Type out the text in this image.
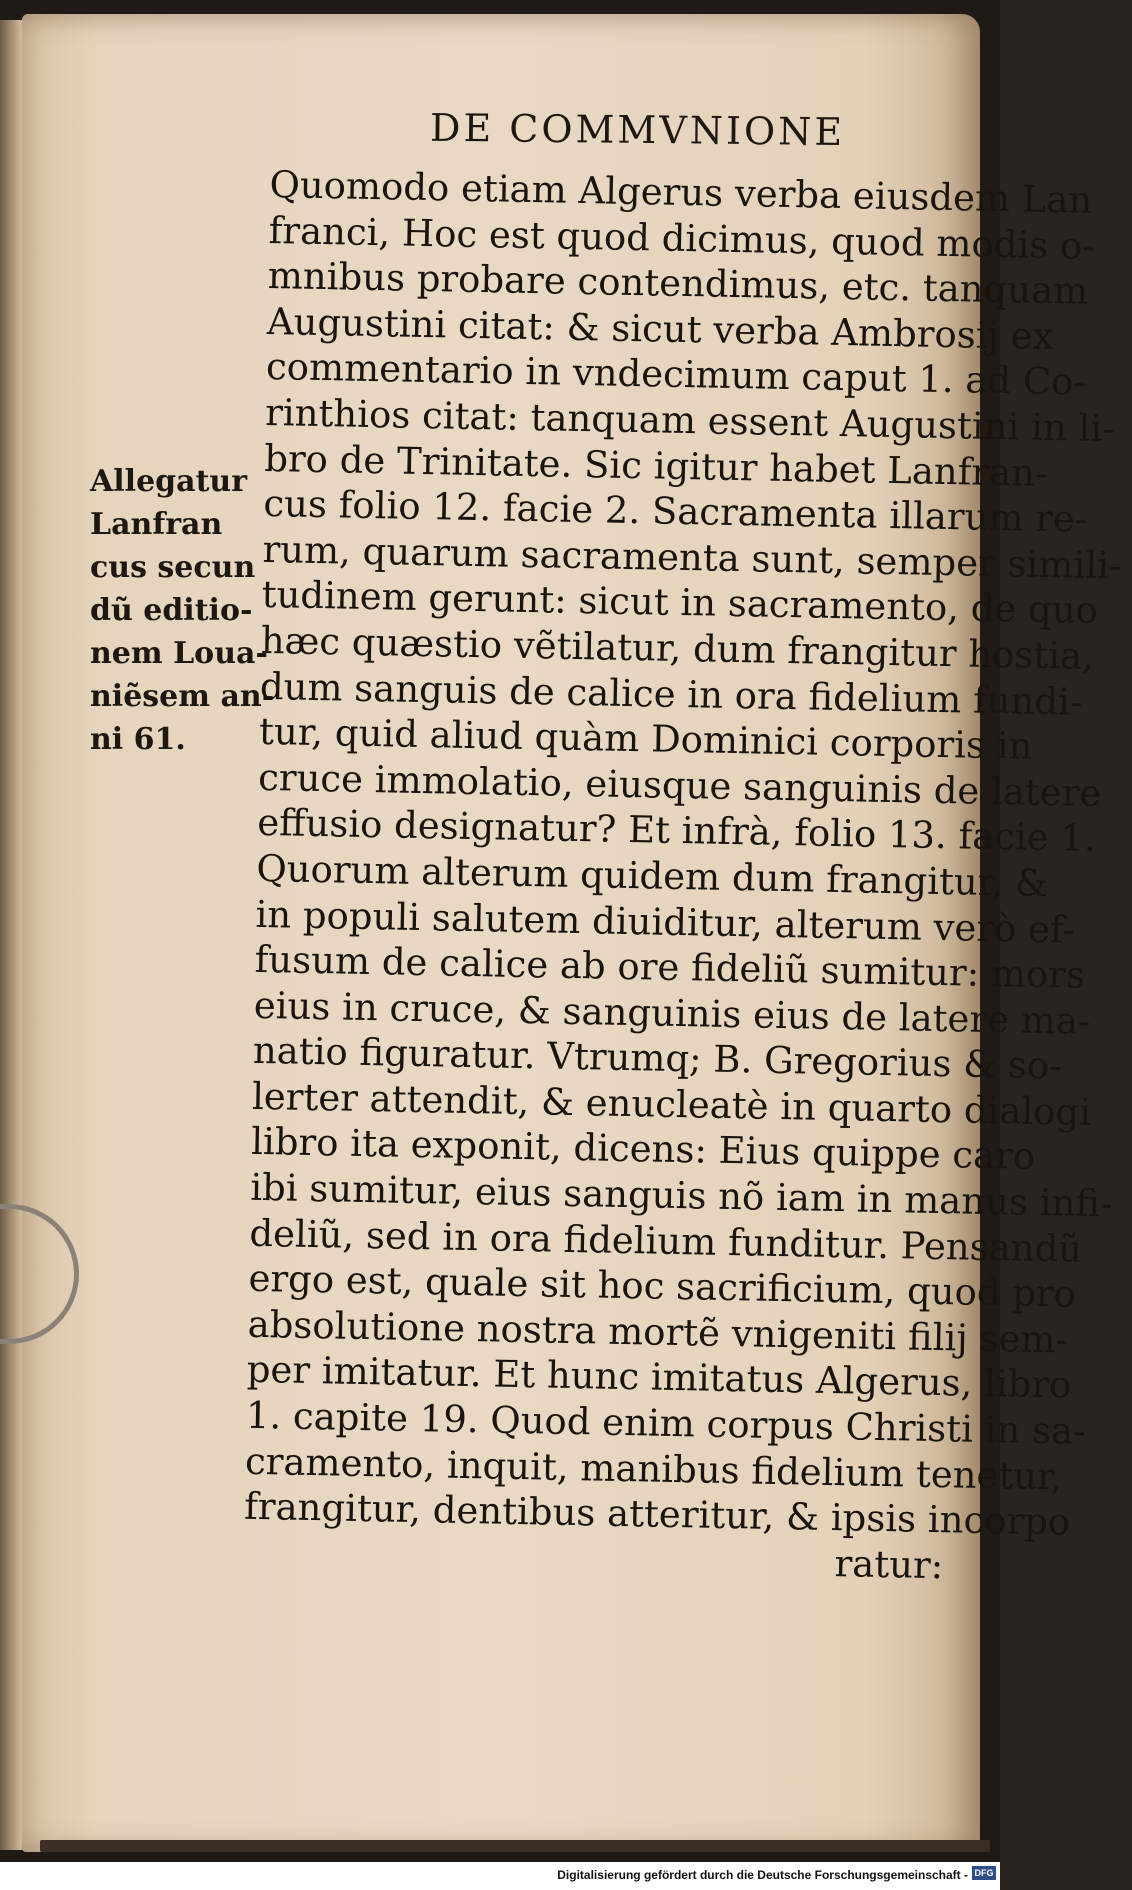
DE COMMVNIONE
Allegatur
Lanfran
cus secun
dũ editio-
nem Loua-
niẽsem an-
ni 61.
Quomodo etiam Algerus verba eiusdem Lan
franci, Hoc est quod dicimus, quod modis o-
mnibus probare contendimus, etc. tanquam
Augustini citat: & sicut verba Ambrosij ex
commentario in vndecimum caput 1. ad Co-
rinthios citat: tanquam essent Augustini in li-
bro de Trinitate. Sic igitur habet Lanfran-
cus folio 12. facie 2. Sacramenta illarum re-
rum, quarum sacramenta sunt, semper simili-
tudinem gerunt: sicut in sacramento, de quo
hæc quæstio vẽtilatur, dum frangitur hostia,
dum sanguis de calice in ora fidelium fundi-
tur, quid aliud quàm Dominici corporis in
cruce immolatio, eiusque sanguinis de latere
effusio designatur? Et infrà, folio 13. facie 1.
Quorum alterum quidem dum frangitur, &
in populi salutem diuiditur, alterum verò ef-
fusum de calice ab ore fideliũ sumitur: mors
eius in cruce, & sanguinis eius de latere ma-
natio figuratur. Vtrumq; B. Gregorius & so-
lerter attendit, & enucleatè in quarto dialogi
libro ita exponit, dicens: Eius quippe caro
ibi sumitur, eius sanguis nõ iam in manus infi-
deliũ, sed in ora fidelium funditur. Pensandũ
ergo est, quale sit hoc sacrificium, quod pro
absolutione nostra mortẽ vnigeniti filij sem-
per imitatur. Et hunc imitatus Algerus, libro
1. capite 19. Quod enim corpus Christi in sa-
cramento, inquit, manibus fidelium tenetur,
frangitur, dentibus atteritur, & ipsis incorpo
ratur:
Digitalisierung gefördert durch die Deutsche Forschungsgemeinschaft - DFG
